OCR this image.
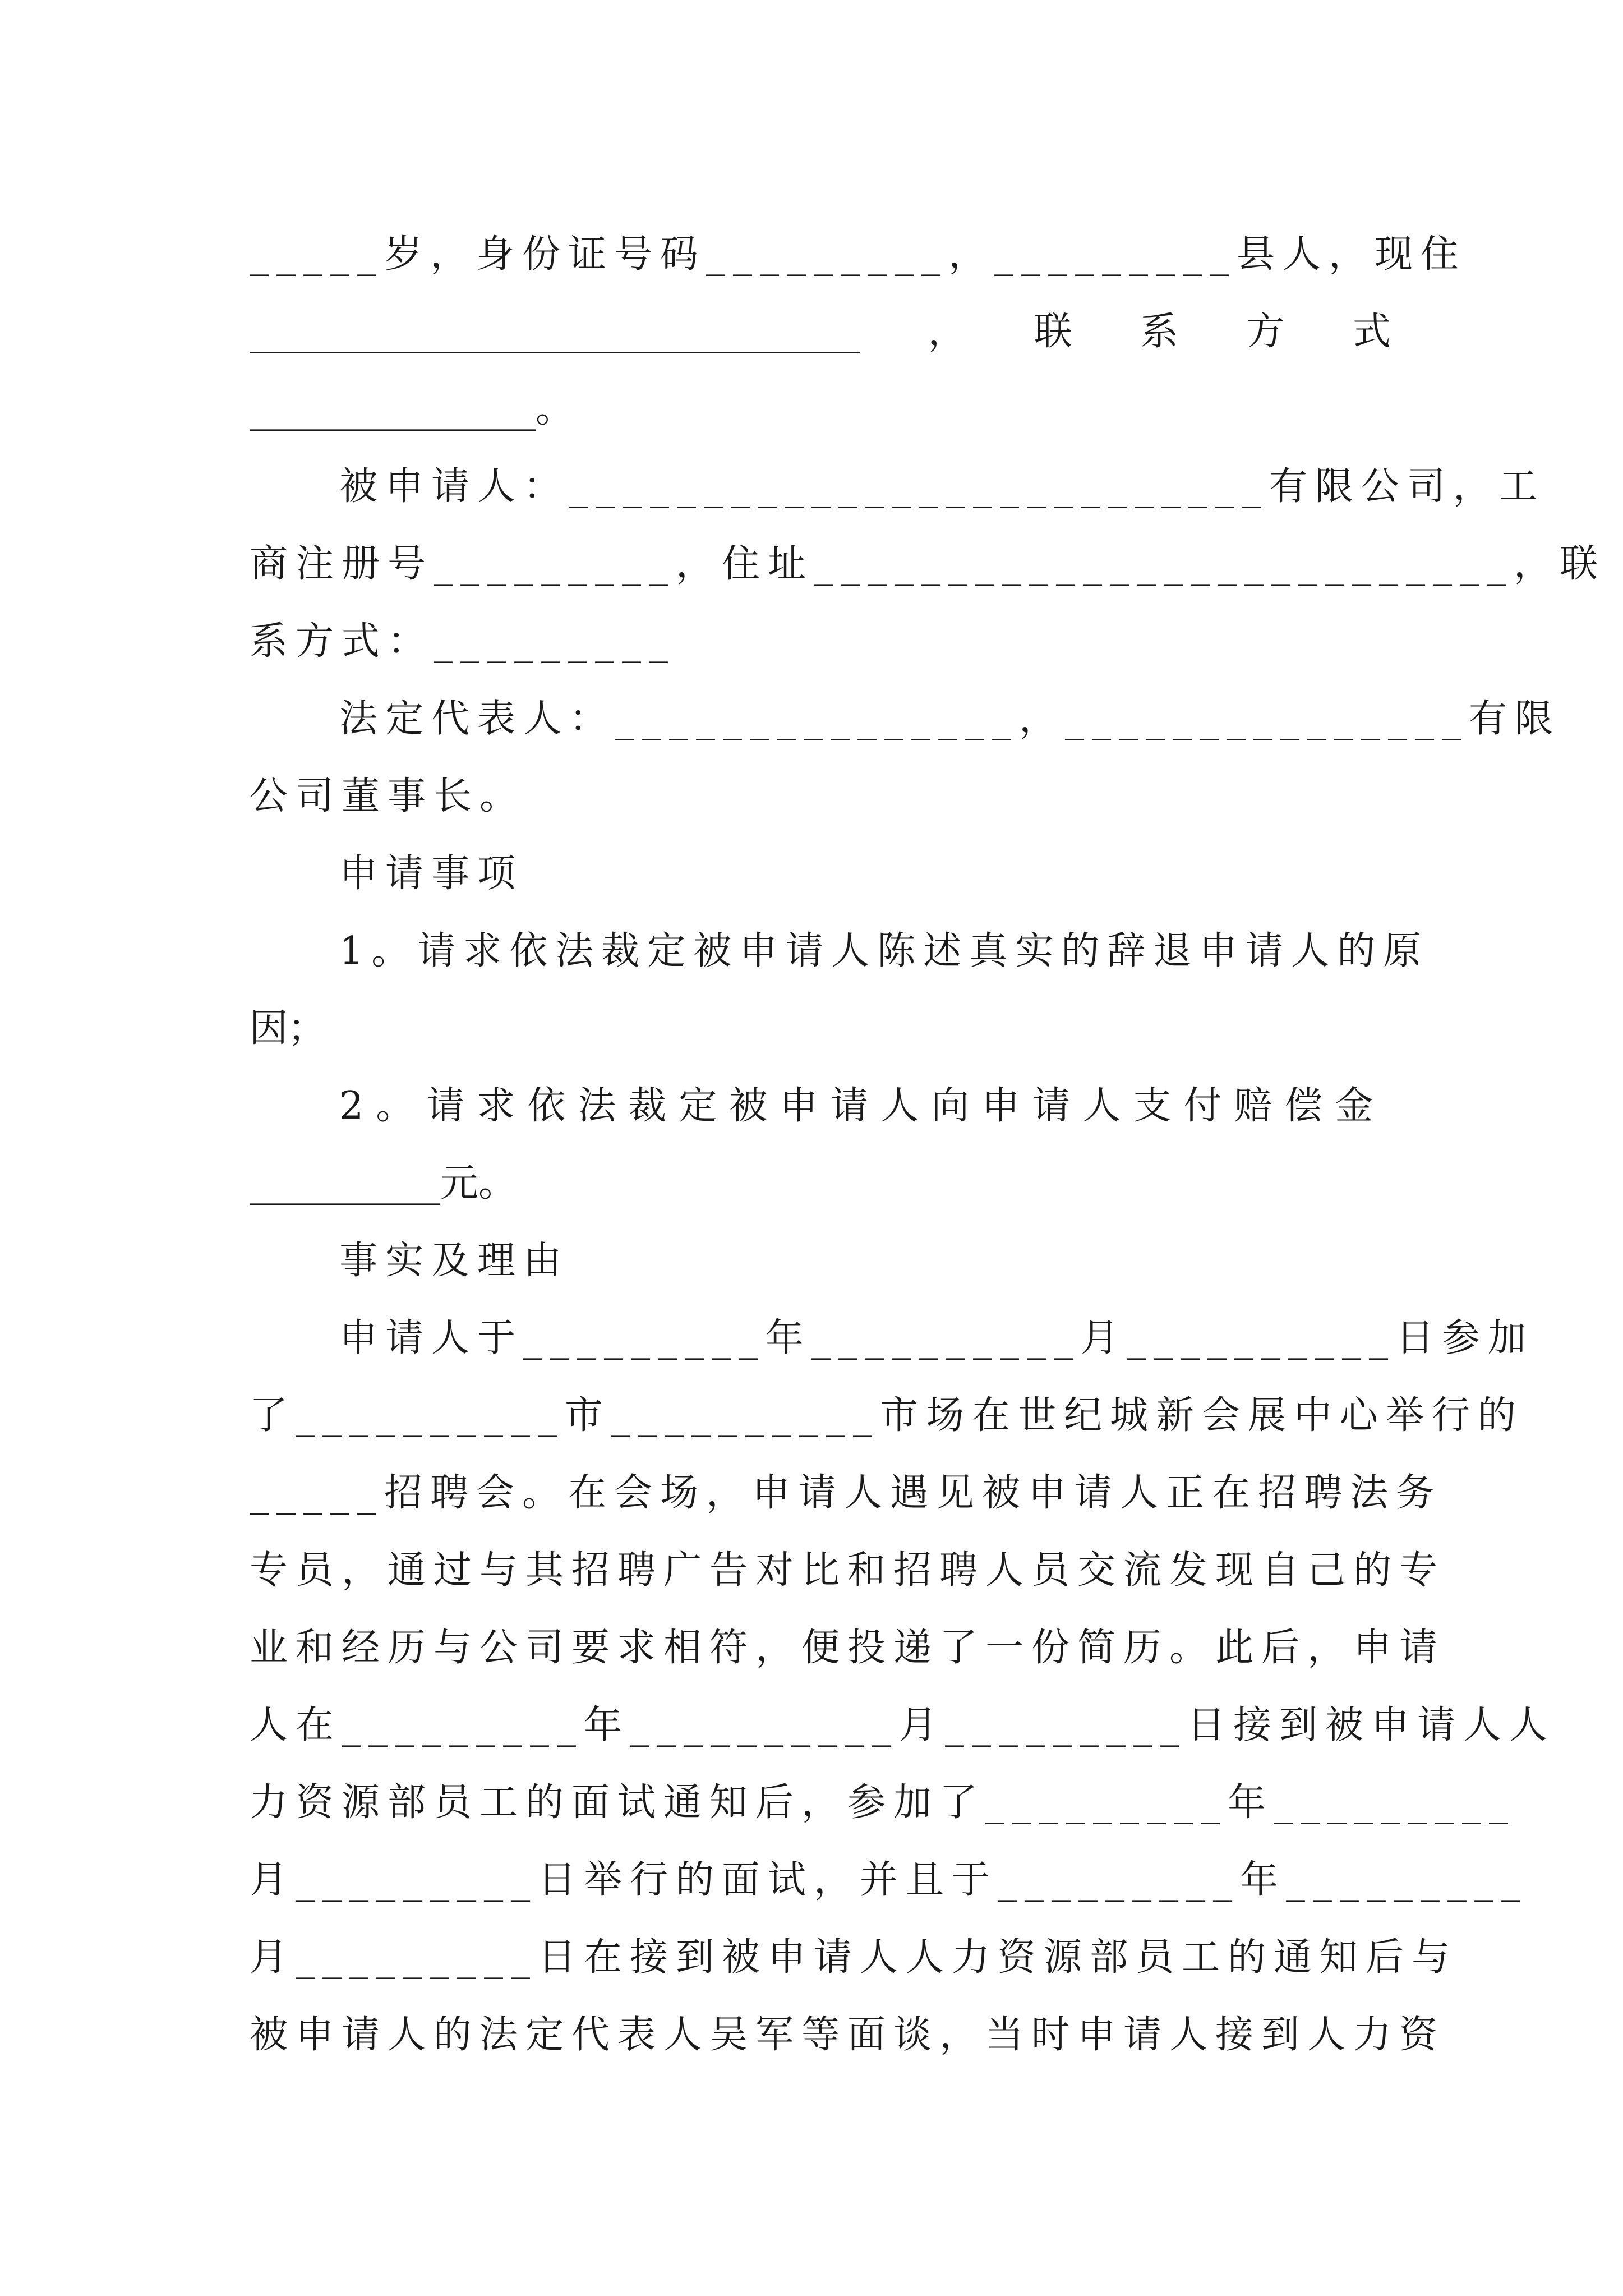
_____岁，身份证号码_________，_________县人，现住
________________________________ ， 联 系 方 式
_______________。
被申请人：__________________________有限公司，工
商注册号_________，住址__________________________，联
系方式：_________
法定代表人：_______________，_______________有限
公司董事长。
申请事项
1。请求依法裁定被申请人陈述真实的辞退申请人的原
因；
2。请求依法裁定被申请人向申请人支付赔偿金
__________元。
事实及理由
申请人于_________年__________月__________日参加
了__________市__________市场在世纪城新会展中心举行的
_____招聘会。在会场，申请人遇见被申请人正在招聘法务
专员，通过与其招聘广告对比和招聘人员交流发现自己的专
业和经历与公司要求相符，便投递了一份简历。此后，申请
人在_________年__________月_________日接到被申请人人
力资源部员工的面试通知后，参加了_________年_________
月_________日举行的面试，并且于_________年_________
月_________日在接到被申请人人力资源部员工的通知后与
被申请人的法定代表人吴军等面谈，当时申请人接到人力资
